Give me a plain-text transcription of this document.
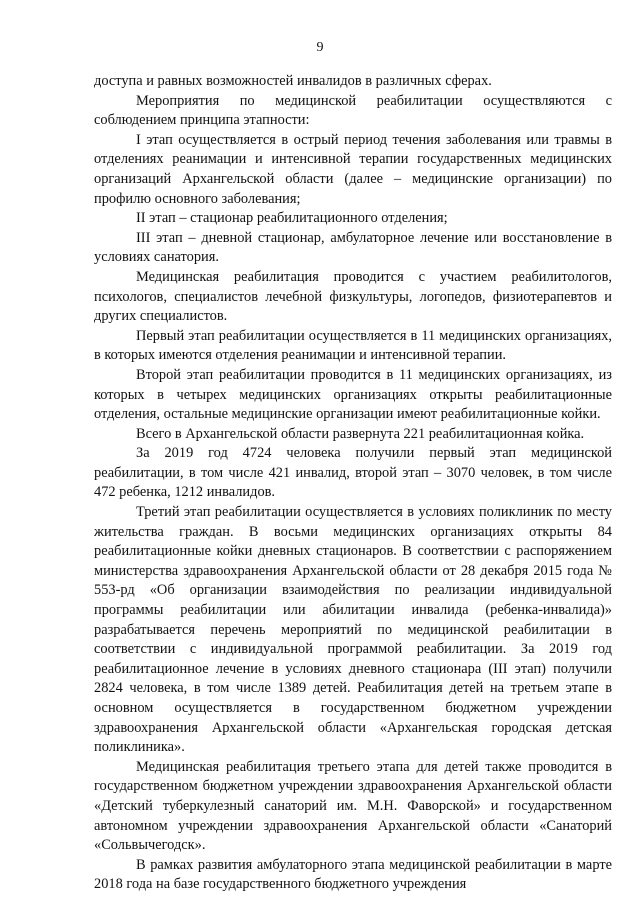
9

доступа и равных возможностей инвалидов в различных сферах.

Мероприятия по медицинской реабилитации осуществляются с соблюдением принципа этапности:

I этап осуществляется в острый период течения заболевания или травмы в отделениях реанимации и интенсивной терапии государственных медицинских организаций Архангельской области (далее – медицинские организации) по профилю основного заболевания;

II этап – стационар реабилитационного отделения;

III этап – дневной стационар, амбулаторное лечение или восстановление в условиях санатория.

Медицинская реабилитация проводится с участием реабилитологов, психологов, специалистов лечебной физкультуры, логопедов, физиотерапевтов и других специалистов.

Первый этап реабилитации осуществляется в 11 медицинских организациях, в которых имеются отделения реанимации и интенсивной терапии.

Второй этап реабилитации проводится в 11 медицинских организациях, из которых в четырех медицинских организациях открыты реабилитационные отделения, остальные медицинские организации имеют реабилитационные койки.

Всего в Архангельской области развернута 221 реабилитационная койка.

За 2019 год 4724 человека получили первый этап медицинской реабилитации, в том числе 421 инвалид, второй этап – 3070 человек, в том числе 472 ребенка, 1212 инвалидов.

Третий этап реабилитации осуществляется в условиях поликлиник по месту жительства граждан. В восьми медицинских организациях открыты 84 реабилитационные койки дневных стационаров. В соответствии с распоряжением министерства здравоохранения Архангельской области от 28 декабря 2015 года № 553-рд «Об организации взаимодействия по реализации индивидуальной программы реабилитации или абилитации инвалида (ребенка-инвалида)» разрабатывается перечень мероприятий по медицинской реабилитации в соответствии с индивидуальной программой реабилитации. За 2019 год реабилитационное лечение в условиях дневного стационара (III этап) получили 2824 человека, в том числе 1389 детей. Реабилитация детей на третьем этапе в основном осуществляется в государственном бюджетном учреждении здравоохранения Архангельской области «Архангельская городская детская поликлиника».

Медицинская реабилитация третьего этапа для детей также проводится в государственном бюджетном учреждении здравоохранения Архангельской области «Детский туберкулезный санаторий им. М.Н. Фаворской» и государственном автономном учреждении здравоохранения Архангельской области «Санаторий «Сольвычегодск».

В рамках развития амбулаторного этапа медицинской реабилитации в марте 2018 года на базе государственного бюджетного учреждения
